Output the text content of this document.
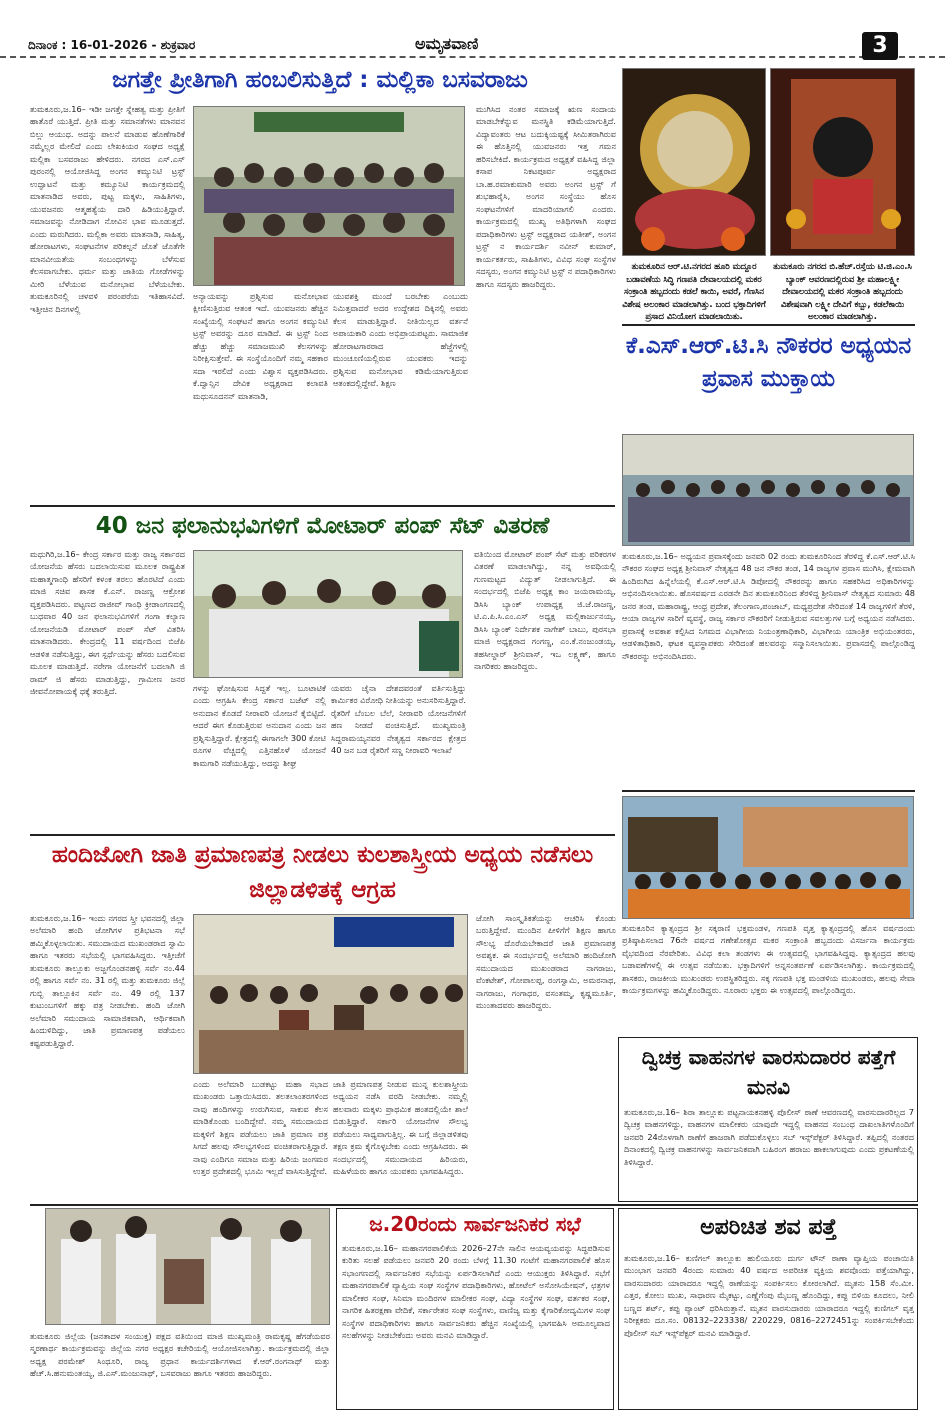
ದಿನಾಂಕ : 16-01-2026 - ಶುಕ್ರವಾರ	ಅಮೃತವಾಣಿ	3
ಜಗತ್ತೇ ಪ್ರೀತಿಗಾಗಿ ಹಂಬಲಿಸುತ್ತಿದೆ : ಮಲ್ಲಿಕಾ ಬಸವರಾಜು
ತುಮಕೂರು,ಜ.16– ಇಡೀ ಜಗತ್ತೇ ಸ್ನೇಹತ್ವ ಮತ್ತು ಪ್ರೀತಿಗೆ ಹಾತೊರೆ ಯುತ್ತಿದೆ. ಪ್ರೀತಿ ಮತ್ತು ಸಮಾನತೆಗಳು ಮಾನವನ ಬಿಲ್ಲು ಆಯುಧ. ಅದನ್ನು ಪಾಲನೆ ಮಾಡುವ ಹೊಣೆಗಾರಿಕೆ ನಮ್ಮೆಲ್ಲರ ಮೇಲಿದೆ ಎಂದು ಲೇಖಕಿಯರ ಸಂಘದ ಅಧ್ಯಕ್ಷೆ ಮಲ್ಲಿಕಾ ಬಸವರಾಜು ಹೇಳಿದರು. ನಗರದ ಎಸ್.ಎಸ್ ಪುರಂನಲ್ಲಿ ಆಯೋಜಿಸಿದ್ದ ಅಂಗನ ಕಮ್ಯುನಿಟಿ ಟ್ರಸ್ಟ್ ಉದ್ಘಾಟನೆ ಮತ್ತು ಕಮ್ಯೂನಿಟಿ ಕಾರ್ಯಕ್ರಮದಲ್ಲಿ ಮಾತನಾಡಿದ ಅವರು, ಪುಟ್ಟ ಮಕ್ಕಳು, ಸಾಹಿತಿಗಳು, ಯುವಜನರು ಆತ್ಮಹತ್ಯೆಯ ದಾರಿ ಹಿಡಿಯುತ್ತಿದ್ದಾರೆ. ಸಮಾಜವನ್ನು ನೋಡಿದಾಗ ನೋವಿನ ಭಾವ ಮೂಡುತ್ತದೆ. ಎಂದು ಮರುಗಿದರು. ಮಲ್ಲಿಕಾ ಅವರು ಮಾತನಾಡಿ, ಸಾಹಿತ್ಯ, ಹೋರಾಟಗಳು, ಸಂಘಟನೆಗಳ ಪರಿಕಲ್ಪನೆ ಜೊತೆ ಜೊತೆಗೇ ಮಾನವೀಯತೆಯ ಸಂಬಂಧಗಳನ್ನು ಬೆಳೆಸುವ ಕೆಲಸವಾಗಬೇಕು. ಧರ್ಮ ಮತ್ತು ಜಾತಿಯ ಗೋಡೆಗಳನ್ನು ಮೀರಿ ಬೆಳೆಯುವ ಮನೋಭಾವ ಬೆಳೆಯಬೇಕು. ತುಮಕೂರಿನಲ್ಲಿ ಚಳವಳಿ ಪರಂಪರೆಯ ಇತಿಹಾಸವಿದೆ. ಇತ್ತೀಚಿನ ದಿನಗಳಲ್ಲಿ
ಅನ್ಯಾಯವನ್ನು ಪ್ರಶ್ನಿಸುವ ಮನೋಭಾವ ಕ್ಷೀಣಿಸುತ್ತಿರುವ ಆತಂಕ ಇದೆ. ಯುವಜನರು ಹೆಚ್ಚಿನ ಸಂಖ್ಯೆಯಲ್ಲಿ ಸಂಘಟನೆ ಹಾಗೂ ಅಂಗನ ಕಮ್ಯುನಿಟಿ ಟ್ರಸ್ಟ್ ಅವರನ್ನು ದೂರ ಮಾಡಿದೆ. ಈ ಟ್ರಸ್ಟ್ ನಿಂದ ಹೆಚ್ಚು ಹೆಚ್ಚು ಸಮಾಜಮುಖಿ ಕೆಲಸಗಳನ್ನು ನಿರೀಕ್ಷಿಸುತ್ತೇವೆ. ಈ ಸಂಸ್ಥೆಯೊಂದಿಗೆ ನಮ್ಮ ಸಹಕಾರ ಸದಾ ಇರಲಿದೆ ಎಂದು ವಿಶ್ವಾಸ ವ್ಯಕ್ತಪಡಿಸಿದರು. ಕೆ.ದ್ವಾನ್ಸಿನ ದೇವಿಕ ಅಧ್ಯಕ್ಷರಾದ ಕಲಾವತಿ ಮಧುಸೂದನನ್ ಮಾತನಾಡಿ,
ಯುವಶಕ್ತಿ ಮುಂದೆ ಬರಬೇಕು ಎಂಬುದು ನಿಮಿತ್ತವಾದರೆ ಅದರ ಉದ್ದೇಶದ ದಿಕ್ಕಿನಲ್ಲಿ ಅವರು ಕೆಲಸ ಮಾಡುತ್ತಿದ್ದಾರೆ. ನೀತಿಯಿಲ್ಲದ ವರ್ತನೆ ಅಪಾಯಕಾರಿ ಎಂದು ಅಭಿಪ್ರಾಯಪಟ್ಟರು. ಸಾಮಾಜಿಕ ಹೋರಾಟಗಾರರಾದ ಹೆಜ್ಜೆಗಳಲ್ಲಿ ಮುಂಚೂಣಿಯಲ್ಲಿರುವ ಯುವಕರು ಇದನ್ನು ಪ್ರಶ್ನಿಸುವ ಮನೋಭಾವ ಕಡಿಮೆಯಾಗುತ್ತಿರುವ ಆತಂಕದಲ್ಲಿದ್ದೇವೆ. ಶಿಕ್ಷಣ
ಮುಗಿಸಿದ ನಂತರ ಸಮಾಜಕ್ಕೆ ಋಣ ಸಂದಾಯ ಮಾಡಬೇಕೆನ್ನುವ ಮನಸ್ಥಿತಿ ಕಡಿಮೆಯಾಗುತ್ತಿದೆ. ವಿದ್ಯಾವಂತರು ಆಟ ಬದುಕ್ಕಿಯಷ್ಟಕ್ಕೆ ಸೀಮಿತರಾಗಿರುವ ಈ ಹೊತ್ತಿನಲ್ಲಿ ಯುವಜನರು ಇತ್ತ ಗಮನ ಹರಿಸಬೇಕಿದೆ. ಕಾರ್ಯಕ್ರಮದ ಅಧ್ಯಕ್ಷತೆ ವಹಿಸಿದ್ದ ಜಿಲ್ಲಾ ಕಸಾಪ ನಿಕಟಪೂರ್ವ ಅಧ್ಯಕ್ಷರಾದ ಬಾ.ಹ.ರಮಾಕುಮಾರಿ ಅವರು ಅಂಗನ ಟ್ರಸ್ಟ್ ಗೆ ಶುಭಹಾರೈಸಿ, ಅಂಗನ ಸಂಸ್ಥೆಯು ಹೊಸ ಸಂಘಟನೆಗಳಿಗೆ ಮಾದರಿಯಾಗಲಿ ಎಂದರು. ಕಾರ್ಯಕ್ರಮದಲ್ಲಿ ಮುಖ್ಯ ಅತಿಥಿಗಳಾಗಿ ಸಂಘದ ಪದಾಧಿಕಾರಿಗಳು ಟ್ರಸ್ಟ್ ಅಧ್ಯಕ್ಷರಾದ ಯತೀಶ್, ಅಂಗನ ಟ್ರಸ್ಟ್ ನ ಕಾರ್ಯದರ್ಶಿ ನವೀನ್ ಕುಮಾರ್, ಕಾರ್ಯಕರ್ತರು, ಸಾಹಿತಿಗಳು, ವಿವಿಧ ಸಂಘ ಸಂಸ್ಥೆಗಳ ಸದಸ್ಯರು, ಅಂಗನ ಕಮ್ಯುನಿಟಿ ಟ್ರಸ್ಟ್ ನ ಪದಾಧಿಕಾರಿಗಳು ಹಾಗೂ ಸದಸ್ಯರು ಹಾಜರಿದ್ದರು.
ತುಮಕೂರಿನ ಆರ್.ಟಿ.ನಗರದ ಹೂರಿ ಮದ್ದೂರ ಬಡಾವಣೆಯ ಸಿದ್ಧಿ ಗಣಪತಿ ದೇವಾಲಯದಲ್ಲಿ ಮಕರ ಸಂಕ್ರಾಂತಿ ಹಬ್ಬದಂದು ಕಡಲೆ ಕಾಯಿ, ಅವರೆ, ಗೆಣಸಿನ ವಿಶೇಷ ಅಲಂಕಾರ ಮಾಡಲಾಗಿತ್ತು. ಬಂದ ಭಕ್ತಾದಿಗಳಿಗೆ ಪ್ರಸಾದ ವಿನಿಯೋಗ ಮಾಡಲಾಯಿತು.
ತುಮಕೂರು ನಗರದ ಬಿ.ಹೆಚ್.ರಸ್ತೆಯ ಟಿ.ಜಿ.ಎಂ.ಸಿ ಬ್ಯಾಂಕ್ ಆವರಣದಲ್ಲಿರುವ ಶ್ರೀ ಮಹಾಲಕ್ಷ್ಮೀ ದೇವಾಲಯದಲ್ಲಿ ಮಕರ ಸಂಕ್ರಾಂತಿ ಹಬ್ಬದಂದು ವಿಶೇಷವಾಗಿ ಲಕ್ಷ್ಮೀ ದೇವಿಗೆ ಕಬ್ಬು, ಕಡಲೆಕಾಯಿ ಅಲಂಕಾರ ಮಾಡಲಾಗಿತ್ತು.
ಕೆ.ಎಸ್.ಆರ್.ಟಿ.ಸಿ ನೌಕರರ ಅಧ್ಯಯನ ಪ್ರವಾಸ ಮುಕ್ತಾಯ
ತುಮಕೂರು,ಜ.16– ಅಧ್ಯಯನ ಪ್ರವಾಸಕ್ಕೆಂದು ಜನವರಿ 02 ರಂದು ತುಮಕೂರಿನಿಂದ ತೆರಳಿದ್ದ ಕೆ.ಎಸ್.ಆರ್.ಟಿ.ಸಿ ನೌಕರರ ಸಂಘದ ಅಧ್ಯಕ್ಷ ಶ್ರೀನಿವಾಸ್ ನೇತೃತ್ವದ 48 ಜನ ನೌಕರ ತಂಡ, 14 ರಾಜ್ಯಗಳ ಪ್ರವಾಸ ಮುಗಿಸಿ, ಕ್ಷೇಮವಾಗಿ ಹಿಂದಿರುಗಿದ ಹಿನ್ನೆಲೆಯಲ್ಲಿ ಕೆ.ಎಸ್.ಆರ್.ಟಿ.ಸಿ ಡಿಪೋದಲ್ಲಿ ನೌಕರರನ್ನು ಹಾಗೂ ಸಹಕರಿಸಿದ ಅಧಿಕಾರಿಗಳನ್ನು ಅಭಿನಂದಿಸಲಾಯಿತು. ಹೊಸವರ್ಷದ ಎರಡನೇ ದಿನ ತುಮಕೂರಿನಿಂದ ತೆರಳಿದ್ದ ಶ್ರೀನಿವಾಸ್ ನೇತೃತ್ವದ ಸುಮಾರು 48 ಜನರ ತಂಡ, ಮಹಾರಾಷ್ಟ್ರ, ಆಂಧ್ರ ಪ್ರದೇಶ, ತೆಲಂಗಾಣ,ಪಂಜಾಬ್, ಮಧ್ಯಪ್ರದೇಶ ಸೇರಿದಂತೆ 14 ರಾಜ್ಯಗಳಿಗೆ ತೆರಳಿ, ಆಯಾ ರಾಜ್ಯಗಳ ಸಾರಿಗೆ ವ್ಯವಸ್ಥೆ, ರಾಜ್ಯ ಸರ್ಕಾರ ನೌಕರರಿಗೆ ನೀಡುತ್ತಿರುವ ಸವಲತ್ತುಗಳ ಬಗ್ಗೆ ಅಧ್ಯಯನ ನಡೆಸಿದರು. ಪ್ರವಾಸಕ್ಕೆ ಅವಕಾಶ ಕಲ್ಪಿಸಿದ ನಿಗಮದ ವಿಭಾಗೀಯ ನಿಯಂತ್ರಣಾಧಿಕಾರಿ, ವಿಭಾಗೀಯ ಯಾಂತ್ರಿಕ ಅಭಿಯಂತರರು, ಆಡಳಿತಾಧಿಕಾರಿ, ಘಟಕ ವ್ಯವಸ್ಥಾಪಕರು ಸೇರಿದಂತೆ ಹಲವರನ್ನು ಸನ್ಮಾನಿಸಲಾಯಿತು. ಪ್ರವಾಸದಲ್ಲಿ ಪಾಲ್ಗೊಂಡಿದ್ದ ನೌಕರರನ್ನು ಅಭಿನಂದಿಸಿದರು.
40 ಜನ ಫಲಾನುಭವಿಗಳಿಗೆ ಮೋಟಾರ್ ಪಂಪ್ ಸೆಟ್ ವಿತರಣೆ
ಮಧುಗಿರಿ,ಜ.16– ಕೇಂದ್ರ ಸರ್ಕಾರ ಮತ್ತು ರಾಜ್ಯ ಸರ್ಕಾರದ ಯೋಜನೆಯ ಹೆಸರು ಬದಲಾಯಿಸುವ ಮೂಲಕ ರಾಷ್ಟ್ರಪಿತ ಮಹಾತ್ಮಗಾಂಧಿ ಹೆಸರಿಗೆ ಕಳಂಕ ತರಲು ಹೊರಟಿದೆ ಎಂದು ಮಾಜಿ ಸಚಿವ ಶಾಸಕ ಕೆ.ಎನ್. ರಾಜಣ್ಣ ಆಕ್ರೋಶ ವ್ಯಕ್ತಪಡಿಸಿದರು. ಪಟ್ಟಣದ ರಾಜೀವ್ ಗಾಂಧಿ ಕ್ರೀಡಾಂಗಣದಲ್ಲಿ ಬುಧವಾರ 40 ಜನ ಫಲಾನುಭವಿಗಳಿಗೆ ಗಂಗಾ ಕಲ್ಯಾಣ ಯೋಜನೆಯಡಿ ಮೋಟಾರ್ ಪಂಪ್ ಸೆಟ್ ವಿತರಿಸಿ ಮಾತನಾಡಿದರು. ಕೇಂದ್ರದಲ್ಲಿ 11 ವರ್ಷದಿಂದ ಬಿಜೆಪಿ ಆಡಳಿತ ನಡೆಸುತ್ತಿದ್ದು, ಈಗ ಸ್ಪರ್ಧೆಯನ್ನು ಹೆಸರು ಬದಲಿಸುವ ಮೂಲಕ ಮಾಡುತ್ತಿದೆ. ನರೇಗಾ ಯೋಜನೆಗೆ ಬದಲಾಗಿ ಜಿ ರಾಮ್ ಜಿ ಹೆಸರು ಮಾಡುತ್ತಿದ್ದು, ಗ್ರಾಮೀಣ ಜನರ ಜೀವನೋಪಾಯಕ್ಕೆ ಧಕ್ಕೆ ತರುತ್ತಿದೆ.	ಗಳನ್ನು ಘೋಷಿಸುವ ಸಿದ್ದತೆ ಇಲ್ಲ. ಬೂಟಾಟಿಕೆ ಎಂದು ಆಗ್ರಹಿಸಿ ಕೇಂದ್ರ ಸರ್ಕಾರ ಬಜೆಟ್ ನಲ್ಲಿ ಅನುದಾನ ಕೊಡದೆ ನೀರಾವರಿ ಯೋಜನೆ ಕೈಬಿಟ್ಟಿದೆ. ಆದರೆ ಈಗ ಕೊಡುತ್ತಿರುವ ಅನುದಾನ ಎಂದು ಜನ ಪ್ರಶ್ನಿಸುತ್ತಿದ್ದಾರೆ. ಕ್ಷೇತ್ರದಲ್ಲಿ ಈಗಾಗಲೇ 300 ಕೋಟಿ ರೂಗಳ ವೆಚ್ಚದಲ್ಲಿ ಎತ್ತಿನಹೊಳೆ ಯೋಜನೆ ಕಾಮಗಾರಿ ನಡೆಯುತ್ತಿದ್ದು, ಅದನ್ನು ಶೀಘ್ರ
ಯವರು ಚೈನಾ ದೇಶದವರಂತೆ ವರ್ತಿಸುತ್ತಿದ್ದು ಕಾರ್ಮಿಕರ ವಿರೋಧಿ ನೀತಿಯನ್ನು ಅನುಸರಿಸುತ್ತಿದ್ದಾರೆ. ರೈತರಿಗೆ ಬೆಂಬಲ ಬೆಲೆ, ನೀರಾವರಿ ಯೋಜನೆಗಳಿಗೆ ಹಣ ನೀಡದೆ ವಂಚಿಸುತ್ತಿದೆ. ಮುಖ್ಯಮಂತ್ರಿ ಸಿದ್ದರಾಮಯ್ಯನವರ ನೇತೃತ್ವದ ಸರ್ಕಾರದ ಕ್ಷೇತ್ರದ 40 ಜನ ಬಡ ರೈತರಿಗೆ ಸಣ್ಣ ನೀರಾವರಿ ಇಲಾಖೆ
ವತಿಯಿಂದ ಮೋಟಾರ್ ಪಂಪ್ ಸೆಟ್ ಮತ್ತು ಪರಿಕರಗಳ ವಿತರಣೆ ಮಾಡಲಾಗಿದ್ದು, ನನ್ನ ಅವಧಿಯಲ್ಲಿ ಗುಣಮಟ್ಟದ ವಿದ್ಯುತ್ ನೀಡಲಾಗುತ್ತಿದೆ. ಈ ಸಂದರ್ಭದಲ್ಲಿ ಬಿಜೆಪಿ ಅಧ್ಯಕ್ಷ ಕಾಂ ಜಯರಾಮಯ್ಯ, ಡಿಸಿಸಿ ಬ್ಯಾಂಕ್ ಉಪಾಧ್ಯಕ್ಷ ಜಿ.ಜೆ.ರಾಜಣ್ಣ, ಟಿ.ಎ.ಪಿ.ಸಿ.ಎಂ.ಎಸ್ ಅಧ್ಯಕ್ಷ ಮಲ್ಲಿಕಾರ್ಜುನಯ್ಯ, ಡಿಸಿಸಿ ಬ್ಯಾಂಕ್ ನಿರ್ದೇಶಕ ನಾಗೇಶ್ ಬಾಬು, ಪುರಸಭಾ ಮಾಜಿ ಅಧ್ಯಕ್ಷರಾದ ಗಂಗಣ್ಣ, ಎಂ.ಕೆ.ನಂಜುಂಡಯ್ಯ, ತಹಸೀಲ್ದಾರ್ ಶ್ರೀನಿವಾಸ್, ಇಒ ಲಕ್ಷ್ಮಣ್, ಹಾಗೂ ನಾಗರಿಕರು ಹಾಜರಿದ್ದರು.
ಹಂದಿಜೋಗಿ ಜಾತಿ ಪ್ರಮಾಣಪತ್ರ ನೀಡಲು ಕುಲಶಾಸ್ತ್ರೀಯ ಅಧ್ಯಯ ನಡೆಸಲು ಜಿಲ್ಲಾಡಳಿತಕ್ಕೆ ಆಗ್ರಹ
ತುಮಕೂರು,ಜ.16– ಇಂದು ನಗರದ ಸ್ತ್ರೀ ಭವನದಲ್ಲಿ ಜಿಲ್ಲಾ ಅಲೆಮಾರಿ ಹಂದಿ ಜೋಗಿಗಳ ಪ್ರತಿಭಟನಾ ಸಭೆ ಹಮ್ಮಿಕೊಳ್ಳಲಾಯಿತು. ಸಮುದಾಯದ ಮುಖಂಡರಾದ ಸ್ವಾಮಿ ಹಾಗೂ ಇತರರು ಸಭೆಯಲ್ಲಿ ಭಾಗವಹಿಸಿದ್ದರು. ಇತ್ತೀಚೆಗೆ ತುಮಕೂರು ತಾಲ್ಲೂಕು ಅಜ್ಜಗೊಂಡನಹಳ್ಳಿ ಸರ್ವೆ ನಂ.44 ರಲ್ಲಿ ಹಾಗೂ ಸರ್ವೆ ನಂ. 31 ರಲ್ಲಿ ಮತ್ತು ತುಮಕೂರು ಜಿಲ್ಲೆ ಗುಬ್ಬಿ ತಾಲ್ಲೂಕಿನ ಸರ್ವೆ ನಂ. 49 ರಲ್ಲಿ 137 ಕುಟುಂಬಗಳಿಗೆ ಹಕ್ಕು ಪತ್ರ ನೀಡಬೇಕು. ಹಂದಿ ಜೋಗಿ ಅಲೆಮಾರಿ ಸಮುದಾಯ ಸಾಮಾಜಿಕವಾಗಿ, ಆರ್ಥಿಕವಾಗಿ ಹಿಂದುಳಿದಿದ್ದು, ಜಾತಿ ಪ್ರಮಾಣಪತ್ರ ಪಡೆಯಲು ಕಷ್ಟಪಡುತ್ತಿದ್ದಾರೆ.
ಎಂದು ಅಲೆಮಾರಿ ಬುಡಕಟ್ಟು ಮಹಾ ಸಭಾದ ಮುಖಂಡರು ಒತ್ತಾಯಿಸಿದರು. ತಲತಲಾಂತರಗಳಿಂದ ನಾವು ಹಂದಿಗಳನ್ನು ಉರುಗಿಸುವ, ಸಾಕುವ ಕೆಲಸ ಮಾಡಿಕೊಂಡು ಬಂದಿದ್ದೇವೆ. ನಮ್ಮ ಸಮುದಾಯದ ಮಕ್ಕಳಿಗೆ ಶಿಕ್ಷಣ ಪಡೆಯಲು ಜಾತಿ ಪ್ರಮಾಣ ಪತ್ರ ಸಿಗದೆ ಹಲವು ಸೌಲಭ್ಯಗಳಿಂದ ವಂಚಿತರಾಗುತ್ತಿದ್ದಾರೆ. ನಾವು ಎಂದಿಗೂ ಸಮಾಜ ಮತ್ತು ಹಿರಿಯ ಜಂಗಮರ ಉತ್ತರ ಪ್ರದೇಶದಲ್ಲಿ ಭೂಮಿ ಇಲ್ಲದೆ ವಾಸಿಸುತ್ತಿದ್ದೇವೆ.
ಜಾತಿ ಪ್ರಮಾಣಪತ್ರ ನೀಡುವ ಮುನ್ನ ಕುಲಶಾಸ್ತ್ರೀಯ ಅಧ್ಯಯನ ನಡೆಸಿ ವರದಿ ನೀಡಬೇಕು. ನಮ್ಮಲ್ಲಿ ಹಲವಾರು ಮಕ್ಕಳು ಪ್ರಾಥಮಿಕ ಹಂತದಲ್ಲಿಯೇ ಶಾಲೆ ಬಿಡುತ್ತಿದ್ದಾರೆ. ಸರ್ಕಾರಿ ಯೋಜನೆಗಳ ಸೌಲಭ್ಯ ಪಡೆಯಲು ಸಾಧ್ಯವಾಗುತ್ತಿಲ್ಲ. ಈ ಬಗ್ಗೆ ಜಿಲ್ಲಾಡಳಿತವು ತಕ್ಷಣ ಕ್ರಮ ಕೈಗೊಳ್ಳಬೇಕು ಎಂದು ಆಗ್ರಹಿಸಿದರು. ಈ ಸಂದರ್ಭದಲ್ಲಿ ಸಮುದಾಯದ ಹಿರಿಯರು, ಮಹಿಳೆಯರು ಹಾಗೂ ಯುವಕರು ಭಾಗವಹಿಸಿದ್ದರು.
ಜೋಗಿ ಸಾಂಸ್ಕೃತಿಕತೆಯನ್ನು ಆಚರಿಸಿ ಕೊಂಡು ಬರುತ್ತಿದ್ದೇವೆ. ಮುಂದಿನ ಪೀಳಿಗೆಗೆ ಶಿಕ್ಷಣ ಹಾಗೂ ಸೌಲಭ್ಯ ದೊರೆಯಬೇಕಾದರೆ ಜಾತಿ ಪ್ರಮಾಣಪತ್ರ ಅವಶ್ಯಕ. ಈ ಸಂದರ್ಭದಲ್ಲಿ ಅಲೆಮಾರಿ ಹಂದಿಜೋಗಿ ಸಮುದಾಯದ ಮುಖಂಡರಾದ ನಾಗರಾಜು, ವೆಂಕಟೇಶ್, ಗೋಪಾಲಪ್ಪ, ರಂಗಸ್ವಾಮಿ, ಅಮರನಾಥ, ನಾಗರಾಜು, ಗಂಗಾಧರ, ವಸಂತಮ್ಮ, ಕೃಷ್ಣಮೂರ್ತಿ, ಮುಂತಾದವರು ಹಾಜರಿದ್ದರು.
ತುಮಕೂರಿನ ಕ್ಯಾತ್ಸಂದ್ರದ ಶ್ರೀ ಸಕ್ಕರಾಣಿ ಭಕ್ತಮಂಡಳ, ಗಣಪತಿ ವೃತ್ತ ಕ್ಯಾತ್ಸಂದ್ರದಲ್ಲಿ ಹೊಸ ವರ್ಷದಂದು ಪ್ರತಿಷ್ಠಾಪಿಸಲಾದ 76ನೇ ವರ್ಷದ ಗಣೇಶೋತ್ಸವ ಮಕರ ಸಂಕ್ರಾಂತಿ ಹಬ್ಬದಂದು ವಿಸರ್ಜನಾ ಕಾರ್ಯಕ್ರಮ ವೈಭವದಿಂದ ನೆರವೇರಿತು. ವಿವಿಧ ಕಲಾ ತಂಡಗಳು ಈ ಉತ್ಸವದಲ್ಲಿ ಭಾಗವಹಿಸಿದ್ದವು. ಕ್ಯಾತ್ಸಂದ್ರದ ಹಲವು ಬಡಾವಣೆಗಳಲ್ಲಿ ಈ ಉತ್ಸವ ನಡೆಯಿತು. ಭಕ್ತಾದಿಗಳಿಗೆ ಅನ್ನಸಂತರ್ಪಣೆ ಏರ್ಪಡಿಸಲಾಗಿತ್ತು. ಕಾರ್ಯಕ್ರಮದಲ್ಲಿ ಶಾಸಕರು, ರಾಜಕೀಯ ಮುಖಂಡರು ಉಪಸ್ಥಿತರಿದ್ದರು. ಸಕ್ಕ ಗಣಪತಿ ಭಕ್ತ ಮಂಡಳಿಯ ಮುಖಂಡರು, ಹಲವು ಸೇವಾ ಕಾರ್ಯಕ್ರಮಗಳನ್ನು ಹಮ್ಮಿಕೊಂಡಿದ್ದರು. ನೂರಾರು ಭಕ್ತರು ಈ ಉತ್ಸವದಲ್ಲಿ ಪಾಲ್ಗೊಂಡಿದ್ದರು.
ದ್ವಿಚಕ್ರ ವಾಹನಗಳ ವಾರಸುದಾರರ ಪತ್ತೆಗೆ ಮನವಿ
ತುಮಕೂರು,ಜ.16– ಶಿರಾ ತಾಲ್ಲೂಕು ಪಟ್ಟನಾಯಕನಹಳ್ಳಿ ಪೊಲೀಸ್ ಠಾಣೆ ಆವರಣದಲ್ಲಿ ವಾರಸುದಾರರಿಲ್ಲದ 7 ದ್ವಿಚಕ್ರ ವಾಹನಗಳಿದ್ದು, ವಾಹನಗಳ ಮಾಲೀಕರು ಯಾವುದೇ ಇದ್ದಲ್ಲಿ ವಾಹನದ ಸಂಬಂಧ ದಾಖಲಾತಿಗಳೊಂದಿಗೆ ಜನವರಿ 24ರೊಳಗಾಗಿ ಠಾಣೆಗೆ ಹಾಜರಾಗಿ ಪಡೆದುಕೊಳ್ಳಲು ಸಬ್ ಇನ್ಸ್‌ಪೆಕ್ಟರ್ ತಿಳಿಸಿದ್ದಾರೆ. ತಪ್ಪಿದಲ್ಲಿ ನಂತರದ ದಿನಾಂಕದಲ್ಲಿ ದ್ವಿಚಕ್ರ ವಾಹನಗಳನ್ನು ಸಾರ್ವಜನಿಕವಾಗಿ ಬಹಿರಂಗ ಹರಾಜು ಹಾಕಲಾಗುವುದು ಎಂದು ಪ್ರಕಟಣೆಯಲ್ಲಿ ತಿಳಿಸಿದ್ದಾರೆ.
ತುಮಕೂರು ಜಿಲ್ಲೆಯ (ಜನತಾದಳ ಸಂಯುಕ್ತ) ಪಕ್ಷದ ವತಿಯಿಂದ ಮಾಜಿ ಮುಖ್ಯಮಂತ್ರಿ ರಾಮಕೃಷ್ಣ ಹೆಗಡೆಯವರ ಸ್ಮರಣಾರ್ಥ ಕಾರ್ಯಕ್ರಮವನ್ನು ಜಿಲ್ಲೆಯ ನಗರ ಅಧ್ಯಕ್ಷರ ಕಚೇರಿಯಲ್ಲಿ ಆಯೋಜಿಸಲಾಗಿತ್ತು. ಕಾರ್ಯಕ್ರಮದಲ್ಲಿ ಜಿಲ್ಲಾ ಅಧ್ಯಕ್ಷ ಪರಮೇಶ್ ಸಿಂಧೂರಿ, ರಾಜ್ಯ ಪ್ರಧಾನ ಕಾರ್ಯದರ್ಶಿಗಳಾದ ಕೆ.ಆರ್.ರಂಗನಾಥ್ ಮತ್ತು ಹೆಚ್.ಸಿ.ಹನುಮಂತಯ್ಯ, ಜಿ.ಎಸ್.ಮಂಜುನಾಥ್, ಬಸವರಾಜು ಹಾಗೂ ಇತರರು ಹಾಜರಿದ್ದರು.
ಜ.20ರಂದು ಸಾರ್ವಜನಿಕರ ಸಭೆ
ತುಮಕೂರು,ಜ.16– ಮಹಾನಗರಪಾಲಿಕೆಯ 2026–27ನೇ ಸಾಲಿನ ಆಯವ್ಯಯವನ್ನು ಸಿದ್ಧಪಡಿಸುವ ಕುರಿತು ಸಲಹೆ ಪಡೆಯಲು ಜನವರಿ 20 ರಂದು ಬೆಳಗ್ಗೆ 11.30 ಗಂಟೆಗೆ ಮಹಾನಗರಪಾಲಿಕೆ ಹೊಸ ಸಭಾಂಗಣದಲ್ಲಿ ಸಾರ್ವಜನಿಕರ ಸಭೆಯನ್ನು ಏರ್ಪಡಿಸಲಾಗಿದೆ ಎಂದು ಆಯುಕ್ತರು ತಿಳಿಸಿದ್ದಾರೆ. ಸಭೆಗೆ ಮಹಾನಗರಪಾಲಿಕೆ ವ್ಯಾಪ್ತಿಯ ಸಂಘ ಸಂಸ್ಥೆಗಳ ಪದಾಧಿಕಾರಿಗಳು, ಹೋಟೆಲ್ ಅಸೋಸಿಯೇಷನ್, ಛತ್ರಗಳ ಮಾಲೀಕರ ಸಂಘ, ಸಿನಿಮಾ ಮಂದಿರಗಳ ಮಾಲೀಕರ ಸಂಘ, ವಿದ್ಯಾ ಸಂಸ್ಥೆಗಳ ಸಂಘ, ವರ್ತಕರ ಸಂಘ, ನಾಗರಿಕ ಹಿತರಕ್ಷಣಾ ವೇದಿಕೆ, ಸರ್ಕಾರೇತರ ಸಂಘ ಸಂಸ್ಥೆಗಳು, ವಾಣಿಜ್ಯ ಮತ್ತು ಕೈಗಾರಿಕೋದ್ಯಮಿಗಳ ಸಂಘ ಸಂಸ್ಥೆಗಳ ಪದಾಧಿಕಾರಿಗಳು ಹಾಗೂ ಸಾರ್ವಜನಿಕರು ಹೆಚ್ಚಿನ ಸಂಖ್ಯೆಯಲ್ಲಿ ಭಾಗವಹಿಸಿ ಅಮೂಲ್ಯವಾದ ಸಲಹೆಗಳನ್ನು ನೀಡಬೇಕೆಂದು ಅವರು ಮನವಿ ಮಾಡಿದ್ದಾರೆ.
ಅಪರಿಚಿತ ಶವ ಪತ್ತೆ
ತುಮಕೂರು,ಜ.16– ಕುಣಿಗಲ್ ತಾಲ್ಲೂಕು ಹುಲಿಯೂರು ದುರ್ಗ ಟೌನ್ ಠಾಣಾ ವ್ಯಾಪ್ತಿಯ ಪಂಚಾಯಿತಿ ಮುಂಭಾಗ ಜನವರಿ 4ರಂದು ಸುಮಾರು 40 ವರ್ಷದ ಅಪರಿಚಿತ ವ್ಯಕ್ತಿಯ ಶವವೊಂದು ಪತ್ತೆಯಾಗಿದ್ದು, ವಾರಸುದಾರರು ಯಾರಾದರೂ ಇದ್ದಲ್ಲಿ ಠಾಣೆಯನ್ನು ಸಂಪರ್ಕಿಸಲು ಕೋರಲಾಗಿದೆ. ಮೃತನು 158 ಸೆಂ.ಮೀ. ಎತ್ತರ, ಕೋಲು ಮುಖ, ಸಾಧಾರಣ ಮೈಕಟ್ಟು, ಎಣ್ಣೆಗೆಂಪು ಮೈಬಣ್ಣ ಹೊಂದಿದ್ದು, ಕಪ್ಪು ಬಿಳಿಯ ಕೂದಲು, ನೀಲಿ ಬಣ್ಣದ ಶರ್ಟ್, ಕಪ್ಪು ಪ್ಯಾಂಟ್ ಧರಿಸಿರುತ್ತಾನೆ. ಮೃತನ ವಾರಸುದಾರರು ಯಾರಾದರೂ ಇದ್ದಲ್ಲಿ ಕುಣಿಗಲ್ ವೃತ್ತ ನಿರೀಕ್ಷಕರು ದೂ.ಸಂ. 08132–223338/ 220229, 0816–2272451ನ್ನು ಸಂಪರ್ಕಿಸಬೇಕೆಂದು ಪೊಲೀಸ್ ಸಬ್ ಇನ್ಸ್‌ಪೆಕ್ಟರ್ ಮನವಿ ಮಾಡಿದ್ದಾರೆ.
